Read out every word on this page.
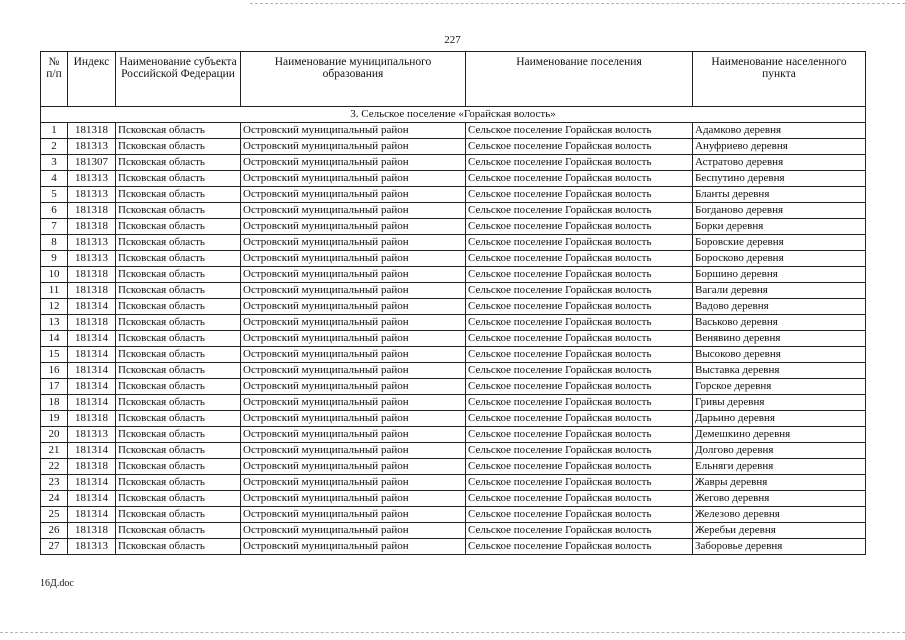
227
№ п/п	Индекс	Наименование субъекта Российской Федерации	Наименование муниципального образования	Наименование поселения	Наименование населенного пункта
3. Сельское поселение «Горайская волость»					
1	181318	Псковская область	Островский муниципальный район	Сельское поселение Горайская волость	Адамково деревня
2	181313	Псковская область	Островский муниципальный район	Сельское поселение Горайская волость	Ануфриево деревня
3	181307	Псковская область	Островский муниципальный район	Сельское поселение Горайская волость	Астратово деревня
4	181313	Псковская область	Островский муниципальный район	Сельское поселение Горайская волость	Беспутино деревня
5	181313	Псковская область	Островский муниципальный район	Сельское поселение Горайская волость	Бланты деревня
6	181318	Псковская область	Островский муниципальный район	Сельское поселение Горайская волость	Богданово деревня
7	181318	Псковская область	Островский муниципальный район	Сельское поселение Горайская волость	Борки деревня
8	181313	Псковская область	Островский муниципальный район	Сельское поселение Горайская волость	Боровские деревня
9	181313	Псковская область	Островский муниципальный район	Сельское поселение Горайская волость	Боросково деревня
10	181318	Псковская область	Островский муниципальный район	Сельское поселение Горайская волость	Боршино деревня
11	181318	Псковская область	Островский муниципальный район	Сельское поселение Горайская волость	Вагали деревня
12	181314	Псковская область	Островский муниципальный район	Сельское поселение Горайская волость	Вадово деревня
13	181318	Псковская область	Островский муниципальный район	Сельское поселение Горайская волость	Васьково деревня
14	181314	Псковская область	Островский муниципальный район	Сельское поселение Горайская волость	Венявино деревня
15	181314	Псковская область	Островский муниципальный район	Сельское поселение Горайская волость	Высоково деревня
16	181314	Псковская область	Островский муниципальный район	Сельское поселение Горайская волость	Выставка деревня
17	181314	Псковская область	Островский муниципальный район	Сельское поселение Горайская волость	Горское деревня
18	181314	Псковская область	Островский муниципальный район	Сельское поселение Горайская волость	Гривы деревня
19	181318	Псковская область	Островский муниципальный район	Сельское поселение Горайская волость	Дарьино деревня
20	181313	Псковская область	Островский муниципальный район	Сельское поселение Горайская волость	Демешкино деревня
21	181314	Псковская область	Островский муниципальный район	Сельское поселение Горайская волость	Долгово деревня
22	181318	Псковская область	Островский муниципальный район	Сельское поселение Горайская волость	Ельняги деревня
23	181314	Псковская область	Островский муниципальный район	Сельское поселение Горайская волость	Жавры деревня
24	181314	Псковская область	Островский муниципальный район	Сельское поселение Горайская волость	Жегово деревня
25	181314	Псковская область	Островский муниципальный район	Сельское поселение Горайская волость	Железово деревня
26	181318	Псковская область	Островский муниципальный район	Сельское поселение Горайская волость	Жеребьи деревня
27	181313	Псковская область	Островский муниципальный район	Сельское поселение Горайская волость	Заборовье деревня
16Д.doc
